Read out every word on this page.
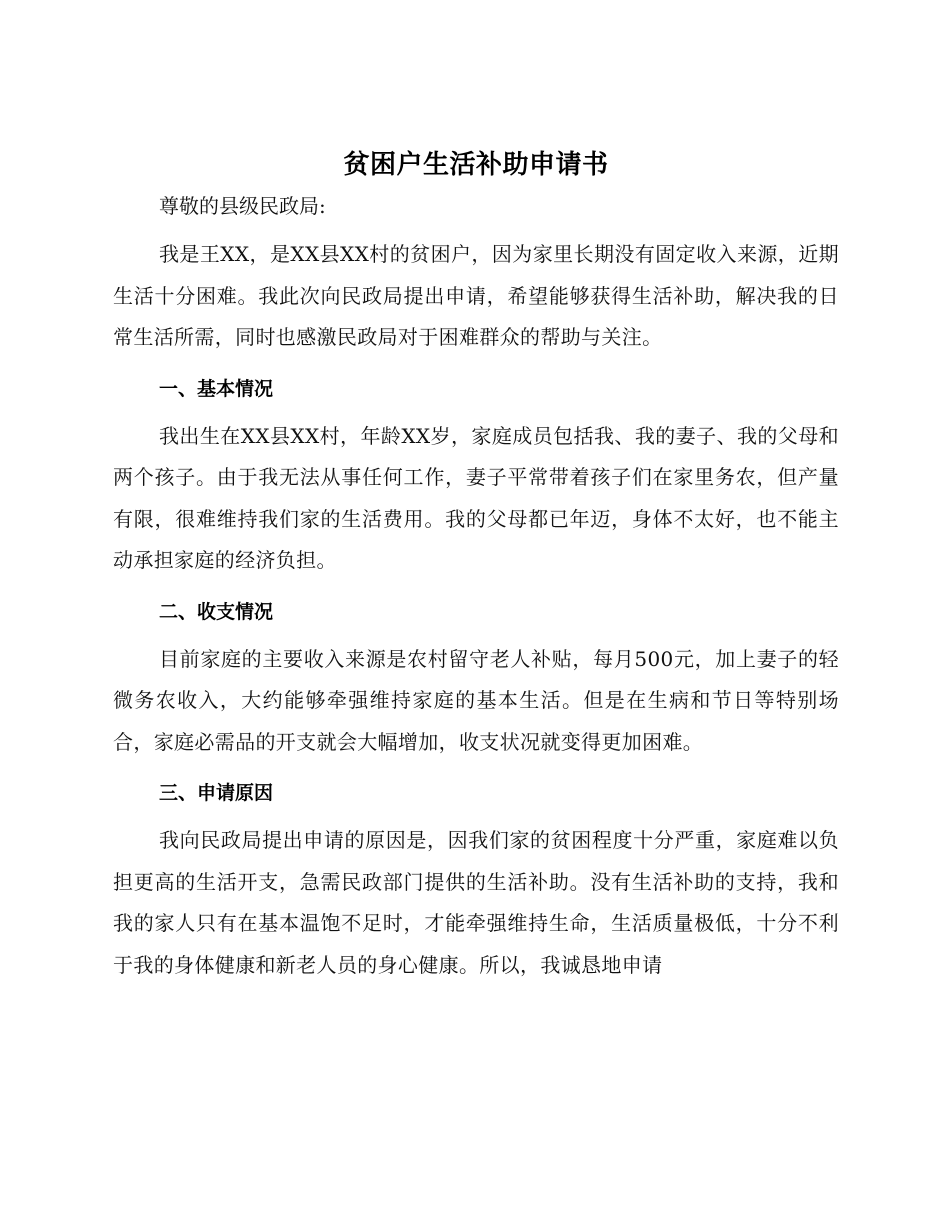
贫困户生活补助申请书

尊敬的县级民政局:

我是王XX，是XX县XX村的贫困户，因为家里长期没有固定收入来源，近期生活十分困难。我此次向民政局提出申请，希望能够获得生活补助，解决我的日常生活所需，同时也感激民政局对于困难群众的帮助与关注。

一、基本情况

我出生在XX县XX村，年龄XX岁，家庭成员包括我、我的妻子、我的父母和两个孩子。由于我无法从事任何工作，妻子平常带着孩子们在家里务农，但产量有限，很难维持我们家的生活费用。我的父母都已年迈，身体不太好，也不能主动承担家庭的经济负担。

二、收支情况

目前家庭的主要收入来源是农村留守老人补贴，每月500元，加上妻子的轻微务农收入，大约能够牵强维持家庭的基本生活。但是在生病和节日等特别场合，家庭必需品的开支就会大幅增加，收支状况就变得更加困难。

三、申请原因

我向民政局提出申请的原因是，因我们家的贫困程度十分严重，家庭难以负担更高的生活开支，急需民政部门提供的生活补助。没有生活补助的支持，我和我的家人只有在基本温饱不足时，才能牵强维持生命，生活质量极低，十分不利于我的身体健康和新老人员的身心健康。所以，我诚恳地申请
